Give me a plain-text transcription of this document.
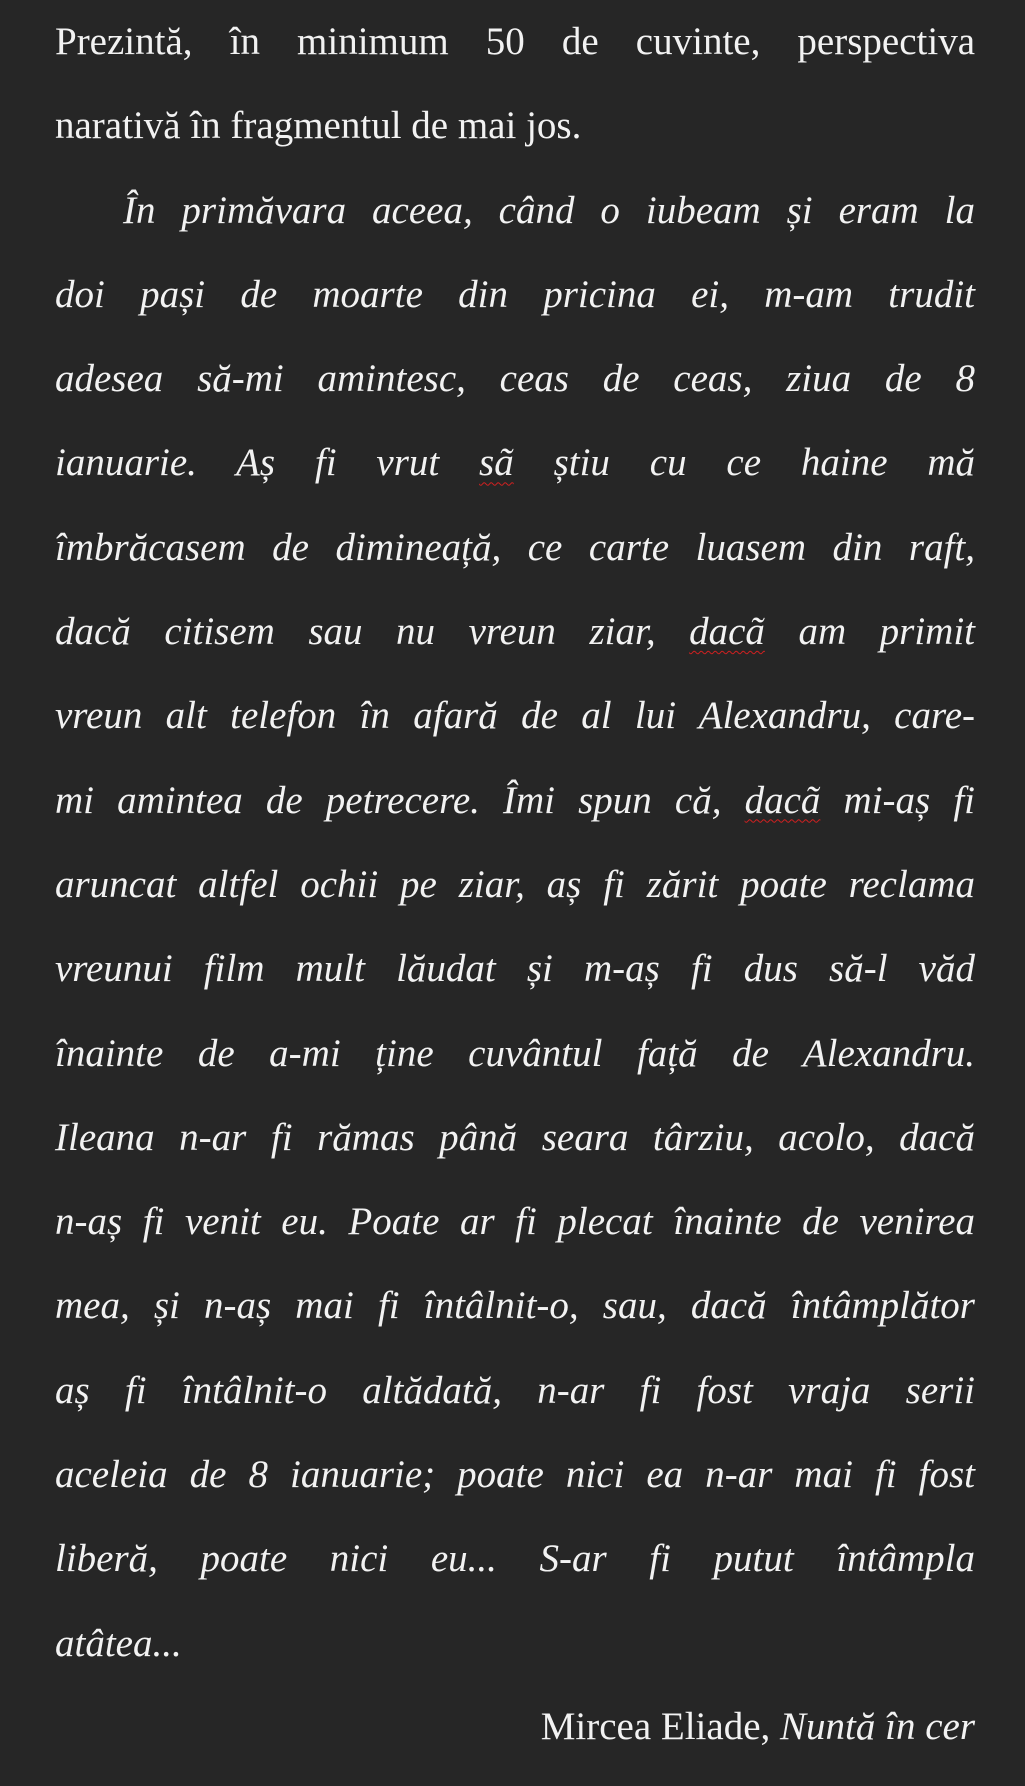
Prezintă, în minimum 50 de cuvinte, perspectiva
narativă în fragmentul de mai jos.
În primăvara aceea, când o iubeam și eram la
doi pași de moarte din pricina ei, m-am trudit
adesea să-mi amintesc, ceas de ceas, ziua de 8
ianuarie. Aș fi vrut sã știu cu ce haine mă
îmbrăcasem de dimineață, ce carte luasem din raft,
dacă citisem sau nu vreun ziar, dacã am primit
vreun alt telefon în afară de al lui Alexandru, care-
mi amintea de petrecere. Îmi spun că, dacã mi-aș fi
aruncat altfel ochii pe ziar, aș fi zărit poate reclama
vreunui film mult lăudat și m-aș fi dus să-l văd
înainte de a-mi ține cuvântul față de Alexandru.
Ileana n-ar fi rămas până seara târziu, acolo, dacă
n-aș fi venit eu. Poate ar fi plecat înainte de venirea
mea, și n-aș mai fi întâlnit-o, sau, dacă întâmplător
aș fi întâlnit-o altădată, n-ar fi fost vraja serii
aceleia de 8 ianuarie; poate nici ea n-ar mai fi fost
liberă, poate nici eu... S-ar fi putut întâmpla
atâtea...
Mircea Eliade, Nuntă în cer
